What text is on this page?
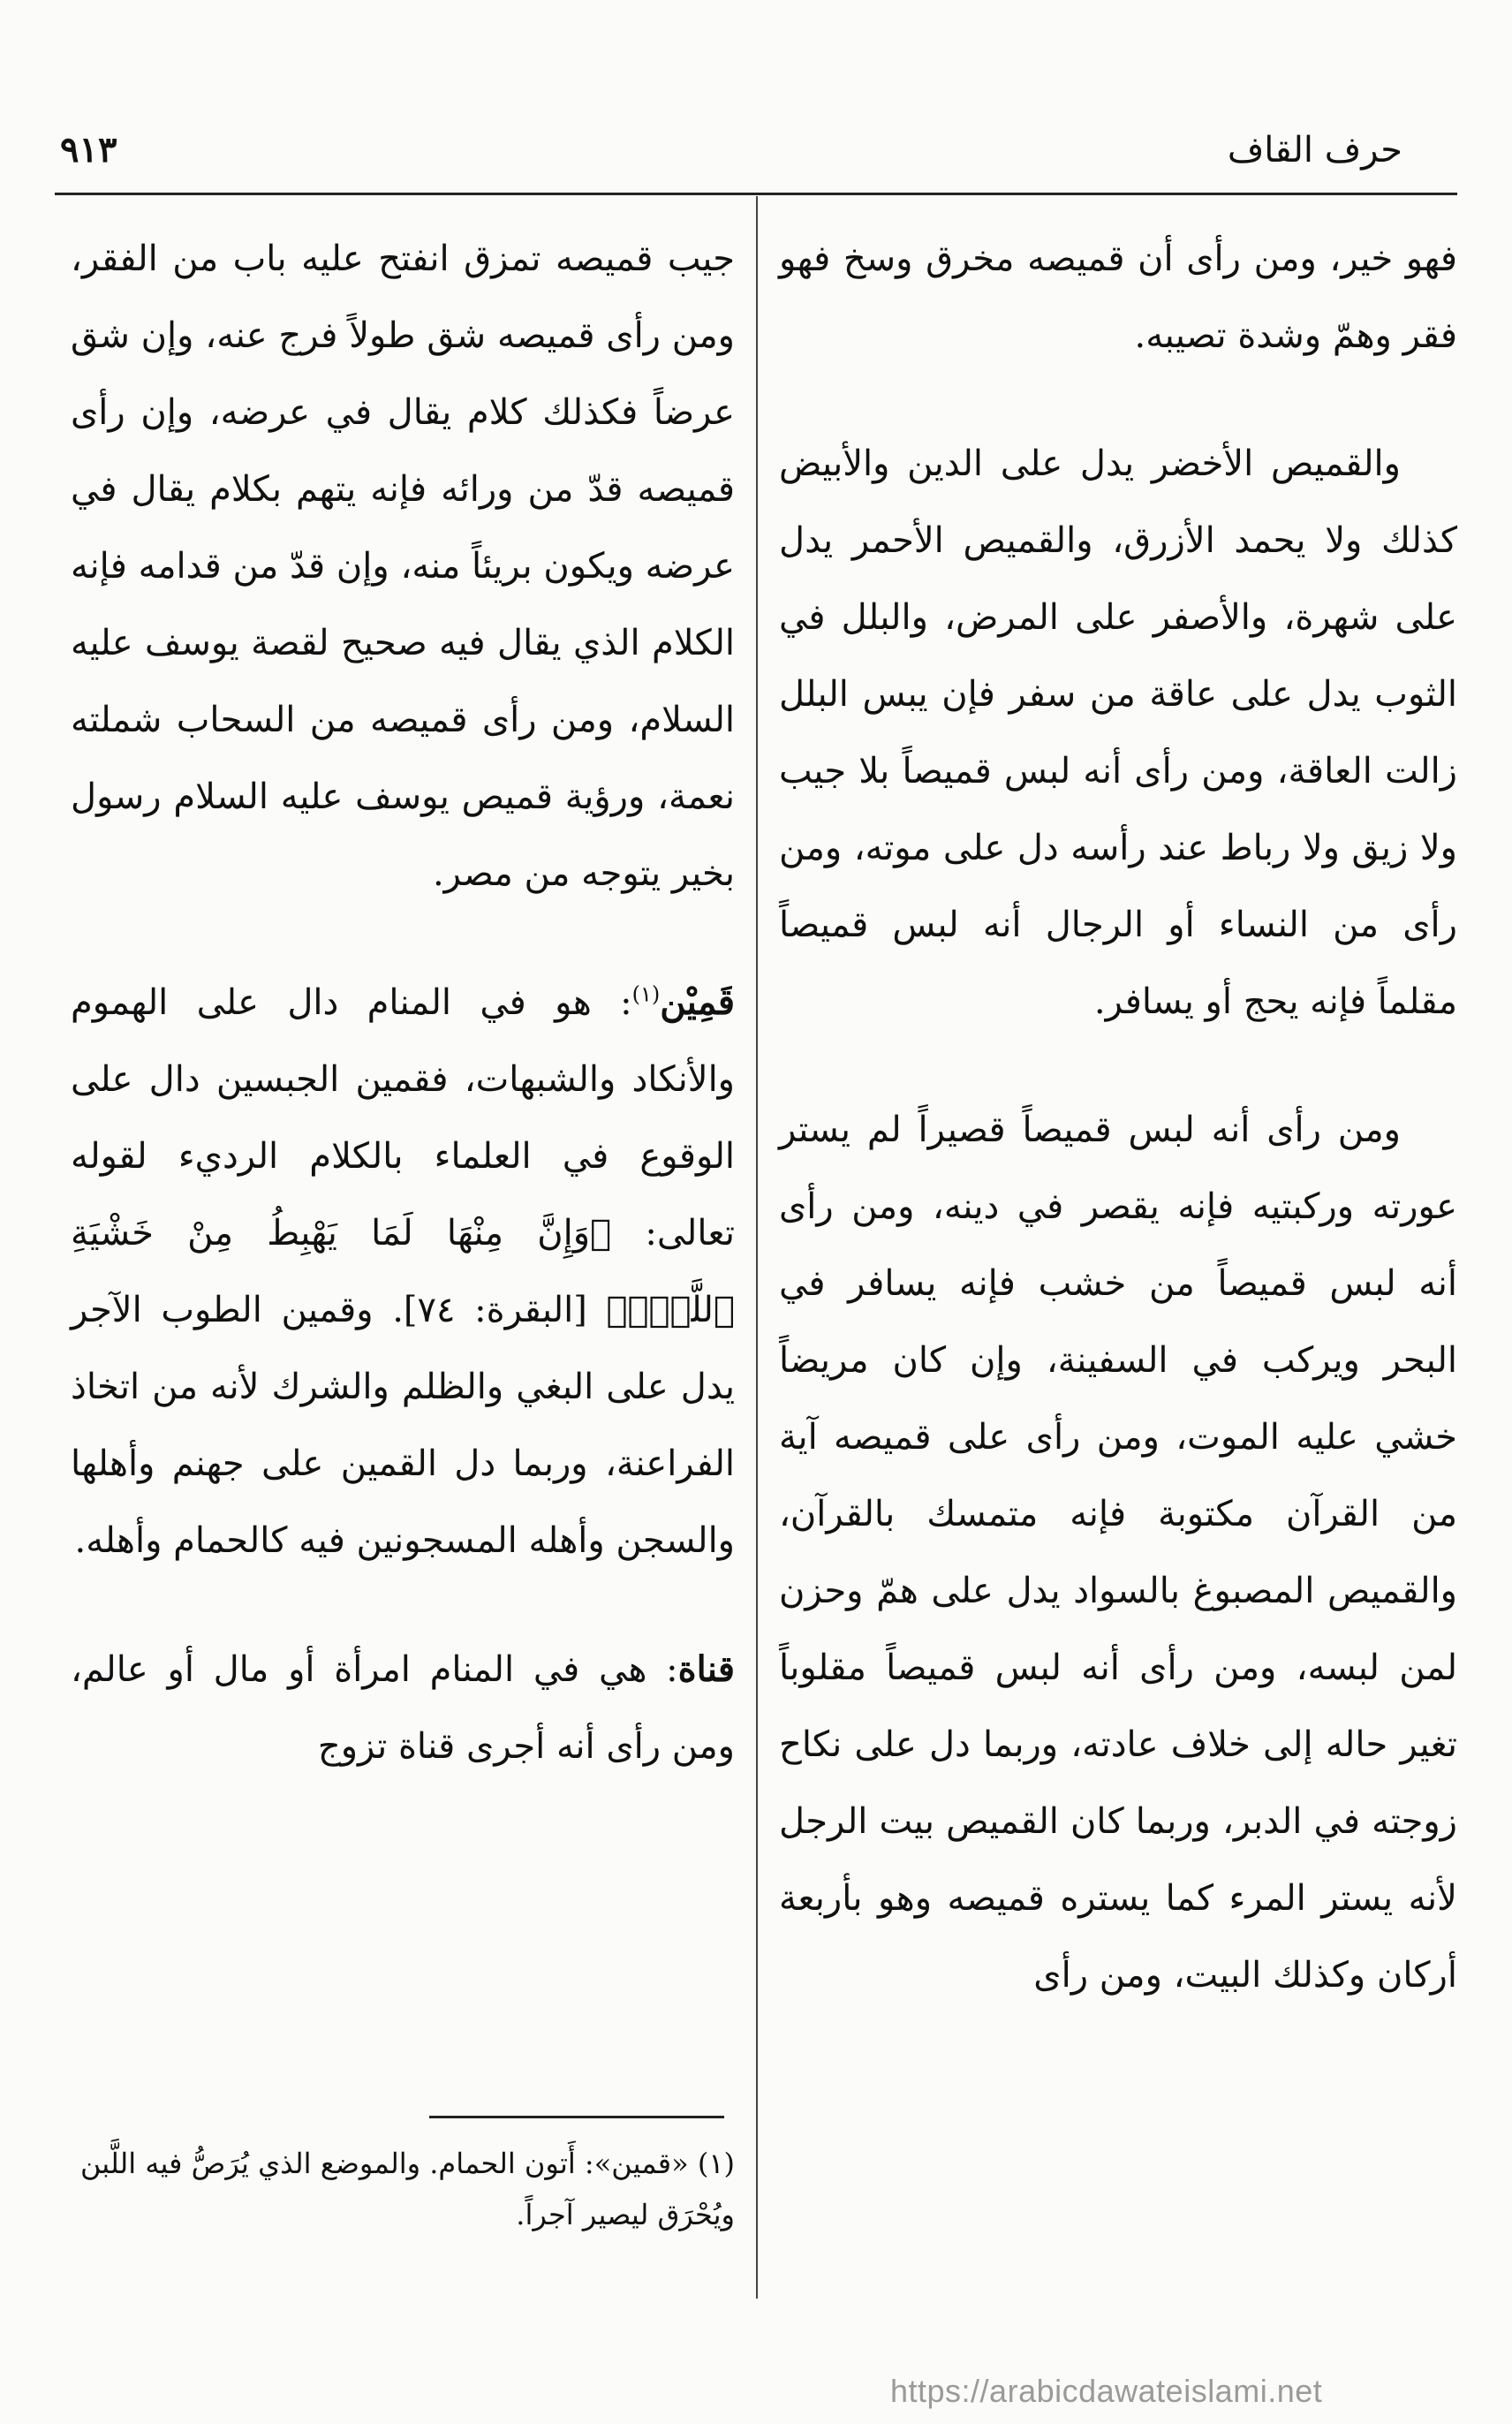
حرف القاف
٩١٣

فهو خير، ومن رأى أن قميصه مخرق وسخ فهو فقر وهمّ وشدة تصيبه.

والقميص الأخضر يدل على الدين والأبيض كذلك ولا يحمد الأزرق، والقميص الأحمر يدل على شهرة، والأصفر على المرض، والبلل في الثوب يدل على عاقة من سفر فإن يبس البلل زالت العاقة، ومن رأى أنه لبس قميصاً بلا جيب ولا زيق ولا رباط عند رأسه دل على موته، ومن رأى من النساء أو الرجال أنه لبس قميصاً مقلماً فإنه يحج أو يسافر.

ومن رأى أنه لبس قميصاً قصيراً لم يستر عورته وركبتيه فإنه يقصر في دينه، ومن رأى أنه لبس قميصاً من خشب فإنه يسافر في البحر ويركب في السفينة، وإن كان مريضاً خشي عليه الموت، ومن رأى على قميصه آية من القرآن مكتوبة فإنه متمسك بالقرآن، والقميص المصبوغ بالسواد يدل على همّ وحزن لمن لبسه، ومن رأى أنه لبس قميصاً مقلوباً تغير حاله إلى خلاف عادته، وربما دل على نكاح زوجته في الدبر، وربما كان القميص بيت الرجل لأنه يستر المرء كما يستره قميصه وهو بأربعة أركان وكذلك البيت، ومن رأى

جيب قميصه تمزق انفتح عليه باب من الفقر، ومن رأى قميصه شق طولاً فرج عنه، وإن شق عرضاً فكذلك كلام يقال في عرضه، وإن رأى قميصه قدّ من ورائه فإنه يتهم بكلام يقال في عرضه ويكون بريئاً منه، وإن قدّ من قدامه فإنه الكلام الذي يقال فيه صحيح لقصة يوسف عليه السلام، ومن رأى قميصه من السحاب شملته نعمة، ورؤية قميص يوسف عليه السلام رسول بخير يتوجه من مصر.

قَمِيْن$^{(١)}$: هو في المنام دال على الهموم والأنكاد والشبهات، فقمين الجبسين دال على الوقوع في العلماء بالكلام الرديء لقوله تعالى: ﴿وَإِنَّ مِنْهَا لَمَا يَهْبِطُ مِنْ خَشْيَةِ ٱللَّهِۗ﴾ [البقرة: ٧٤]. وقمين الطوب الآجر يدل على البغي والظلم والشرك لأنه من اتخاذ الفراعنة، وربما دل القمين على جهنم وأهلها والسجن وأهله المسجونين فيه كالحمام وأهله.

قناة: هي في المنام امرأة أو مال أو عالم، ومن رأى أنه أجرى قناة تزوج

(١) «قمين»: أَتون الحمام. والموضع الذي يُرَصُّ فيه اللَّبن ويُحْرَق ليصير آجراً.
https://arabicdawateislami.net
